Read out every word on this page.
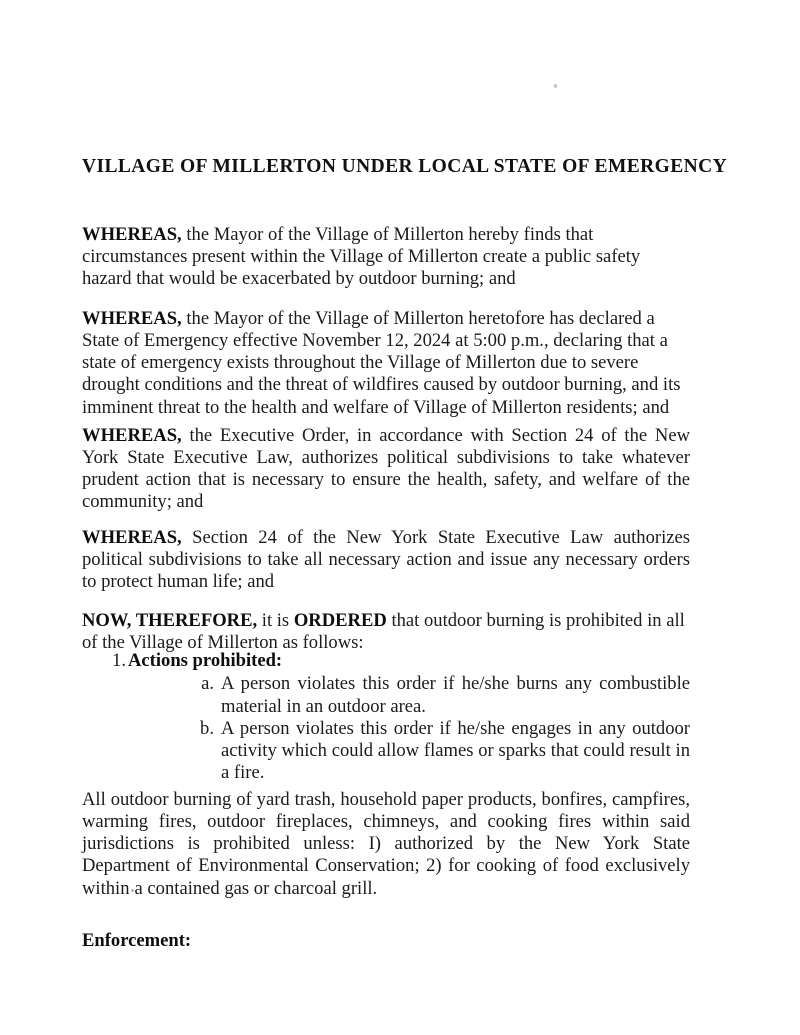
VILLAGE OF MILLERTON UNDER LOCAL STATE OF EMERGENCY

WHEREAS, the Mayor of the Village of Millerton hereby finds that circumstances present within the Village of Millerton create a public safety hazard that would be exacerbated by outdoor burning; and

WHEREAS, the Mayor of the Village of Millerton heretofore has declared a State of Emergency effective November 12, 2024 at 5:00 p.m., declaring that a state of emergency exists throughout the Village of Millerton due to severe drought conditions and the threat of wildfires caused by outdoor burning, and its imminent threat to the health and welfare of Village of Millerton residents; and

WHEREAS, the Executive Order, in accordance with Section 24 of the New York State Executive Law, authorizes political subdivisions to take whatever prudent action that is necessary to ensure the health, safety, and welfare of the community; and

WHEREAS, Section 24 of the New York State Executive Law authorizes political subdivisions to take all necessary action and issue any necessary orders to protect human life; and

NOW, THEREFORE, it is ORDERED that outdoor burning is prohibited in all of the Village of Millerton as follows:

1. Actions prohibited:
a. A person violates this order if he/she burns any combustible material in an outdoor area.
b. A person violates this order if he/she engages in any outdoor activity which could allow flames or sparks that could result in a fire.

All outdoor burning of yard trash, household paper products, bonfires, campfires, warming fires, outdoor fireplaces, chimneys, and cooking fires within said jurisdictions is prohibited unless: I) authorized by the New York State Department of Environmental Conservation; 2) for cooking of food exclusively within a contained gas or charcoal grill.

Enforcement:
